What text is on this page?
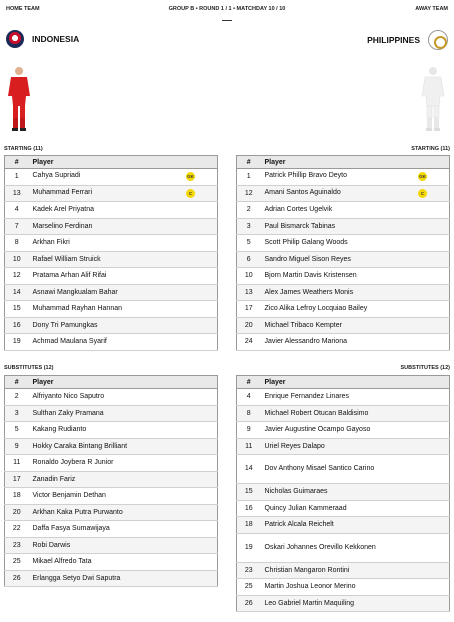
HOME TEAM	GROUP B • ROUND 1 / 1 • MATCHDAY 10 / 10	AWAY TEAM
INDONESIA	PHILIPPINES
STARTING (11)	STARTING (11)
#	Player
1	Cahya Supriadi GK

13	Muhammad Ferrari C

4	Kadek Arel Priyatna
7	Marselino Ferdinan
8	Arkhan Fikri
10	Rafael William Struick
12	Pratama Arhan Alif Rifai
14	Asnawi Mangkualam Bahar
15	Muhammad Rayhan Hannan
16	Dony Tri Pamungkas
19	Achmad Maulana Syarif
#	Player
1	Patrick Phillip Bravo Deyto GK

12	Amani Santos Aguinaldo C

2	Adrian Cortes Ugelvik
3	Paul Bismarck Tabinas
5	Scott Philip Galang Woods
6	Sandro Miguel Sison Reyes
10	Bjorn Martin Davis Kristensen
13	Alex James Weathers Monis
17	Zico Alika Lefroy Locquiao Bailey
20	Michael Tribaco Kempter
24	Javier Alessandro Mariona
SUBSTITUTES (12)	SUBSTITUTES (12)
#	Player
2	Alfriyanto Nico Saputro
3	Sulthan Zaky Pramana
5	Kakang Rudianto
9	Hokky Caraka Bintang Brilliant
11	Ronaldo Joybera R Junior
17	Zanadin Fariz
18	Victor Benjamin Dethan
20	Arkhan Kaka Putra Purwanto
22	Daffa Fasya Sumawijaya
23	Robi Darwis
25	Mikael Alfredo Tata
26	Erlangga Setyo Dwi Saputra
#	Player
4	Enrique Fernandez Linares
8	Michael Robert Otucan Baldisimo
9	Javier Augustine Ocampo Gayoso
11	Uriel Reyes Dalapo
14	Dov Anthony Misael Santico Carino
15	Nicholas Guimaraes
16	Quincy Julian Kammeraad
18	Patrick Alcala Reichelt
19	Oskari Johannes Orevillo Kekkonen
23	Christian Mangaron Rontini
25	Martin Joshua Leonor Merino
26	Leo Gabriel Martin Maquiling
